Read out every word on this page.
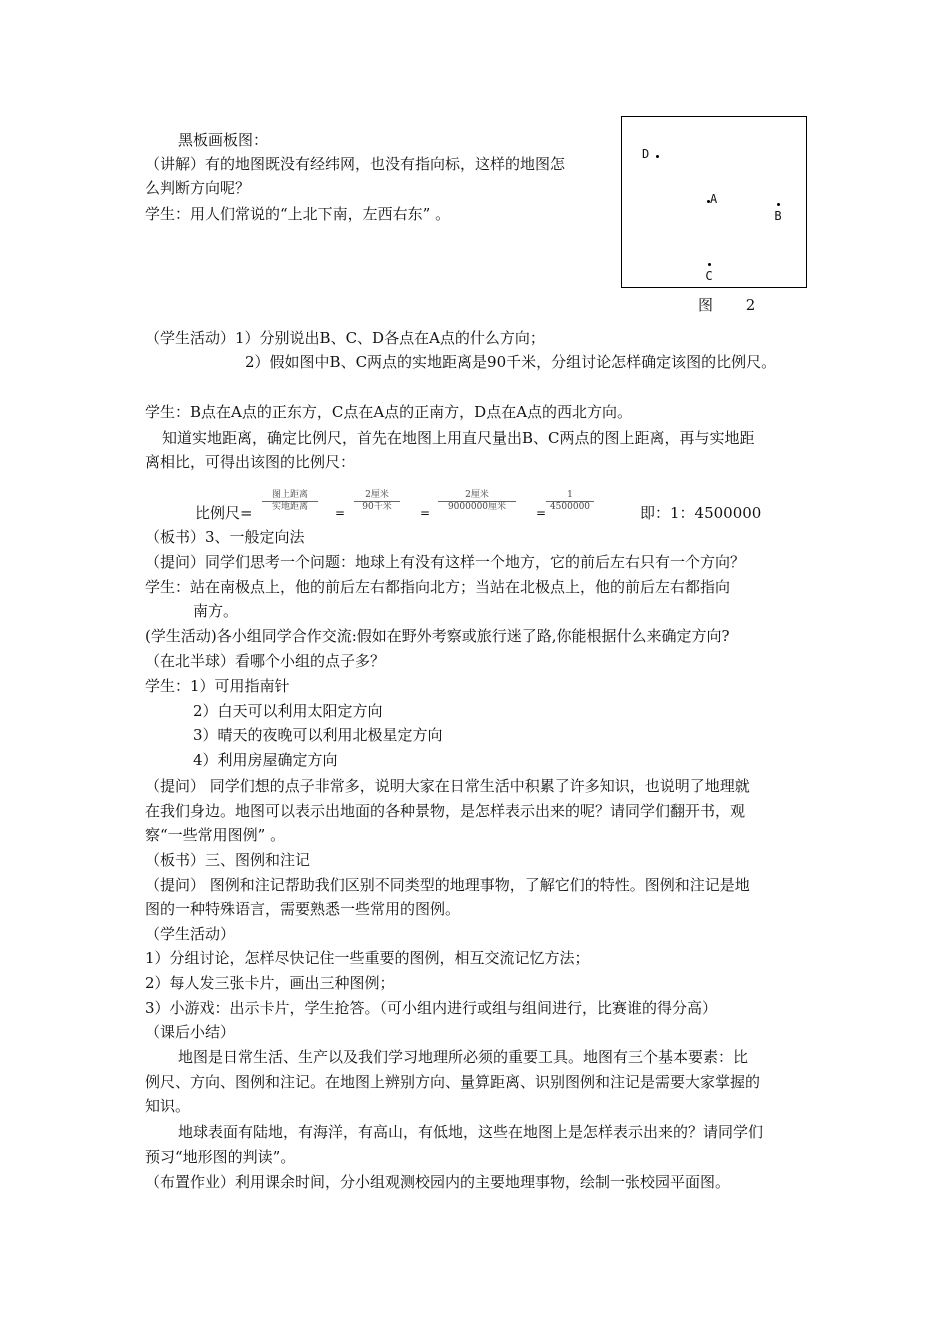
D
A

B

C
图 2
黑板画板图：
（讲解）有的地图既没有经纬网，也没有指向标，这样的地图怎
么判断方向呢？
学生：用人们常说的“上北下南，左西右东” 。
（学生活动）1）分别说出B、C、D各点在A点的什么方向；
2）假如图中B、C两点的实地距离是90千米，分组讨论怎样确定该图的比例尺。
学生：B点在A点的正东方，C点在A点的正南方，D点在A点的西北方向。
知道实地距离，确定比例尺，首先在地图上用直尺量出B、C两点的图上距离，再与实地距
离相比，可得出该图的比例尺：
比例尺=
图上距离
实地距离	=
2厘米
90千米	=
2厘米
9000000厘米	= $\frac{1}{4500000}$	即：1：4500000
（板书）3、一般定向法
（提问）同学们思考一个问题：地球上有没有这样一个地方，它的前后左右只有一个方向？
学生：站在南极点上，他的前后左右都指向北方；当站在北极点上，他的前后左右都指向
南方。
(学生活动)各小组同学合作交流:假如在野外考察或旅行迷了路,你能根据什么来确定方向?
（在北半球）看哪个小组的点子多？
学生：1）可用指南针
2）白天可以利用太阳定方向
3）晴天的夜晚可以利用北极星定方向
4）利用房屋确定方向
（提问） 同学们想的点子非常多，说明大家在日常生活中积累了许多知识，也说明了地理就
在我们身边。地图可以表示出地面的各种景物，是怎样表示出来的呢？请同学们翻开书，观
察“一些常用图例” 。
（板书）三、图例和注记
（提问） 图例和注记帮助我们区别不同类型的地理事物，了解它们的特性。图例和注记是地
图的一种特殊语言，需要熟悉一些常用的图例。
（学生活动）
1）分组讨论，怎样尽快记住一些重要的图例，相互交流记忆方法；
2）每人发三张卡片，画出三种图例；
3）小游戏：出示卡片，学生抢答。（可小组内进行或组与组间进行，比赛谁的得分高）
（课后小结）
地图是日常生活、生产以及我们学习地理所必须的重要工具。地图有三个基本要素：比
例尺、方向、图例和注记。在地图上辨别方向、量算距离、识别图例和注记是需要大家掌握的
知识。
地球表面有陆地，有海洋，有高山，有低地，这些在地图上是怎样表示出来的？请同学们
预习“地形图的判读”。
（布置作业）利用课余时间，分小组观测校园内的主要地理事物，绘制一张校园平面图。
